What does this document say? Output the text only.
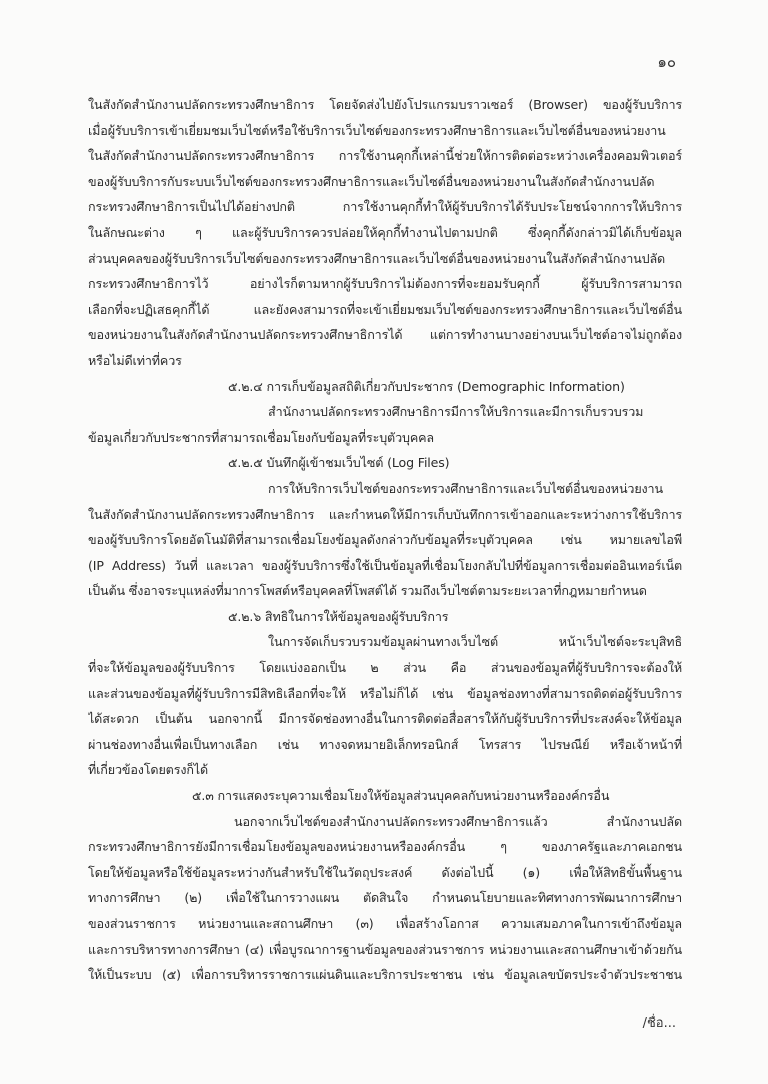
๑๐
ในสังกัดสำนักงานปลัดกระทรวงศึกษาธิการ โดยจัดส่งไปยังโปรแกรมบราวเซอร์ (Browser) ของผู้รับบริการ
เมื่อผู้รับบริการเข้าเยี่ยมชมเว็บไซต์หรือใช้บริการเว็บไซต์ของกระทรวงศึกษาธิการและเว็บไซต์อื่นของหน่วยงาน
ในสังกัดสำนักงานปลัดกระทรวงศึกษาธิการ การใช้งานคุกกี้เหล่านี้ช่วยให้การติดต่อระหว่างเครื่องคอมพิวเตอร์
ของผู้รับบริการกับระบบเว็บไซต์ของกระทรวงศึกษาธิการและเว็บไซต์อื่นของหน่วยงานในสังกัดสำนักงานปลัด
กระทรวงศึกษาธิการเป็นไปได้อย่างปกติ การใช้งานคุกกี้ทำให้ผู้รับบริการได้รับประโยชน์จากการให้บริการ
ในลักษณะต่าง ๆ และผู้รับบริการควรปล่อยให้คุกกี้ทำงานไปตามปกติ ซึ่งคุกกี้ดังกล่าวมิได้เก็บข้อมูล
ส่วนบุคคลของผู้รับบริการเว็บไซต์ของกระทรวงศึกษาธิการและเว็บไซต์อื่นของหน่วยงานในสังกัดสำนักงานปลัด
กระทรวงศึกษาธิการไว้ อย่างไรก็ตามหากผู้รับบริการไม่ต้องการที่จะยอมรับคุกกี้ ผู้รับบริการสามารถ
เลือกที่จะปฏิเสธคุกกี้ได้ และยังคงสามารถที่จะเข้าเยี่ยมชมเว็บไซต์ของกระทรวงศึกษาธิการและเว็บไซต์อื่น
ของหน่วยงานในสังกัดสำนักงานปลัดกระทรวงศึกษาธิการได้ แต่การทำงานบางอย่างบนเว็บไซต์อาจไม่ถูกต้อง
หรือไม่ดีเท่าที่ควร
๕.๒.๔ การเก็บข้อมูลสถิติเกี่ยวกับประชากร (Demographic Information)
สำนักงานปลัดกระทรวงศึกษาธิการมีการให้บริการและมีการเก็บรวบรวม
ข้อมูลเกี่ยวกับประชากรที่สามารถเชื่อมโยงกับข้อมูลที่ระบุตัวบุคคล
๕.๒.๕ บันทึกผู้เข้าชมเว็บไซต์ (Log Files)
การให้บริการเว็บไซต์ของกระทรวงศึกษาธิการและเว็บไซต์อื่นของหน่วยงาน
ในสังกัดสำนักงานปลัดกระทรวงศึกษาธิการ และกำหนดให้มีการเก็บบันทึกการเข้าออกและระหว่างการใช้บริการ
ของผู้รับบริการโดยอัตโนมัติที่สามารถเชื่อมโยงข้อมูลดังกล่าวกับข้อมูลที่ระบุตัวบุคคล เช่น หมายเลขไอพี
(IP Address) วันที่ และเวลา ของผู้รับบริการซึ่งใช้เป็นข้อมูลที่เชื่อมโยงกลับไปที่ข้อมูลการเชื่อมต่ออินเทอร์เน็ต
เป็นต้น ซึ่งอาจระบุแหล่งที่มาการโพสต์หรือบุคคลที่โพสต์ได้ รวมถึงเว็บไซต์ตามระยะเวลาที่กฎหมายกำหนด
๕.๒.๖ สิทธิในการให้ข้อมูลของผู้รับบริการ
ในการจัดเก็บรวบรวมข้อมูลผ่านทางเว็บไซต์ หน้าเว็บไซต์จะระบุสิทธิ
ที่จะให้ข้อมูลของผู้รับบริการ โดยแบ่งออกเป็น ๒ ส่วน คือ ส่วนของข้อมูลที่ผู้รับบริการจะต้องให้
และส่วนของข้อมูลที่ผู้รับบริการมีสิทธิเลือกที่จะให้ หรือไม่ก็ได้ เช่น ข้อมูลช่องทางที่สามารถติดต่อผู้รับบริการ
ได้สะดวก เป็นต้น นอกจากนี้ มีการจัดช่องทางอื่นในการติดต่อสื่อสารให้กับผู้รับบริการที่ประสงค์จะให้ข้อมูล
ผ่านช่องทางอื่นเพื่อเป็นทางเลือก เช่น ทางจดหมายอิเล็กทรอนิกส์ โทรสาร ไปรษณีย์ หรือเจ้าหน้าที่
ที่เกี่ยวข้องโดยตรงก็ได้
๕.๓ การแสดงระบุความเชื่อมโยงให้ข้อมูลส่วนบุคคลกับหน่วยงานหรือองค์กรอื่น
นอกจากเว็บไซต์ของสำนักงานปลัดกระทรวงศึกษาธิการแล้ว สำนักงานปลัด
กระทรวงศึกษาธิการยังมีการเชื่อมโยงข้อมูลของหน่วยงานหรือองค์กรอื่น ๆ ของภาครัฐและภาคเอกชน
โดยให้ข้อมูลหรือใช้ข้อมูลระหว่างกันสำหรับใช้ในวัตถุประสงค์ ดังต่อไปนี้ (๑) เพื่อให้สิทธิขั้นพื้นฐาน
ทางการศึกษา (๒) เพื่อใช้ในการวางแผน ตัดสินใจ กำหนดนโยบายและทิศทางการพัฒนาการศึกษา
ของส่วนราชการ หน่วยงานและสถานศึกษา (๓) เพื่อสร้างโอกาส ความเสมอภาคในการเข้าถึงข้อมูล
และการบริหารทางการศึกษา (๔) เพื่อบูรณาการฐานข้อมูลของส่วนราชการ หน่วยงานและสถานศึกษาเข้าด้วยกัน
ให้เป็นระบบ (๕) เพื่อการบริหารราชการแผ่นดินและบริการประชาชน เช่น ข้อมูลเลขบัตรประจำตัวประชาชน
/ชื่อ...
